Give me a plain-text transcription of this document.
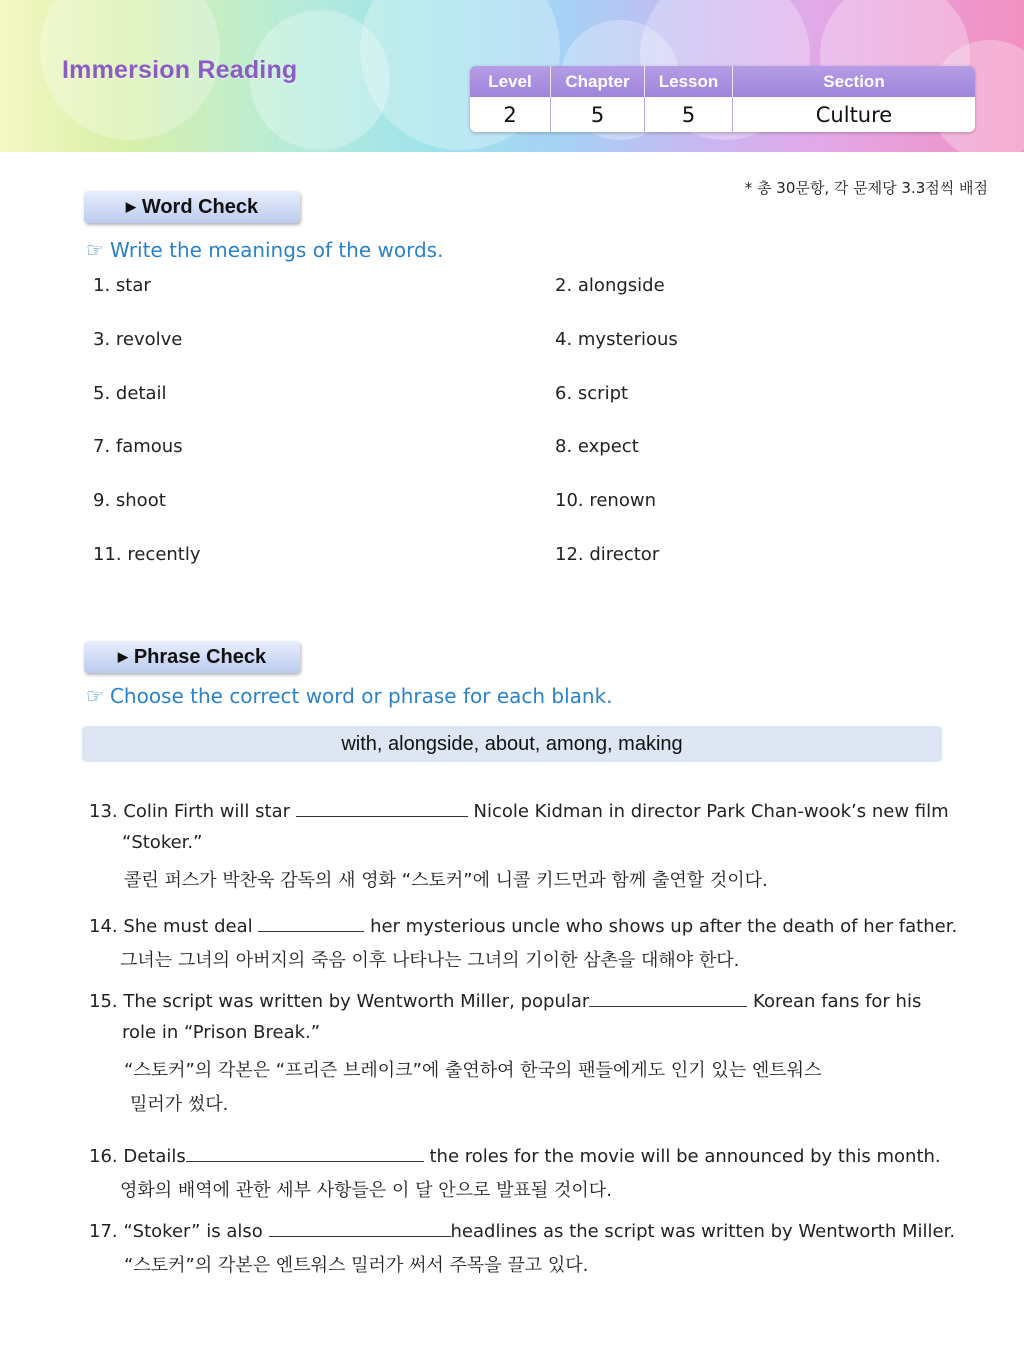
Immersion Reading	Level	Chapter	Lesson	Section
2	5	5	Culture
* 총 30문항, 각 문제당 3.3점씩 배점
▶ Word Check
☞ Write the meanings of the words.
1. star	2. alongside
3. revolve	4. mysterious
5. detail	6. script
7. famous	8. expect
9. shoot	10. renown
11. recently	12. director
▶ Phrase Check
☞ Choose the correct word or phrase for each blank.
with, alongside, about, among, making
13. Colin Firth will star	Nicole Kidman in director Park Chan-wook’s new film
“Stoker.”
콜린 퍼스가 박찬욱 감독의 새 영화 “스토커”에 니콜 키드먼과 함께 출연할 것이다.
14. She must deal	her mysterious uncle who shows up after the death of her father.
그녀는 그녀의 아버지의 죽음 이후 나타나는 그녀의 기이한 삼촌을 대해야 한다.
15. The script was written by Wentworth Miller, popular	Korean fans for his
role in “Prison Break.”
“스토커”의 각본은 “프리즌 브레이크”에 출연하여 한국의 팬들에게도 인기 있는 엔트워스
밀러가 썼다.
16. Details	the roles for the movie will be announced by this month.
영화의 배역에 관한 세부 사항들은 이 달 안으로 발표될 것이다.
17. “Stoker” is also	headlines as the script was written by Wentworth Miller.
“스토커”의 각본은 엔트워스 밀러가 써서 주목을 끌고 있다.
